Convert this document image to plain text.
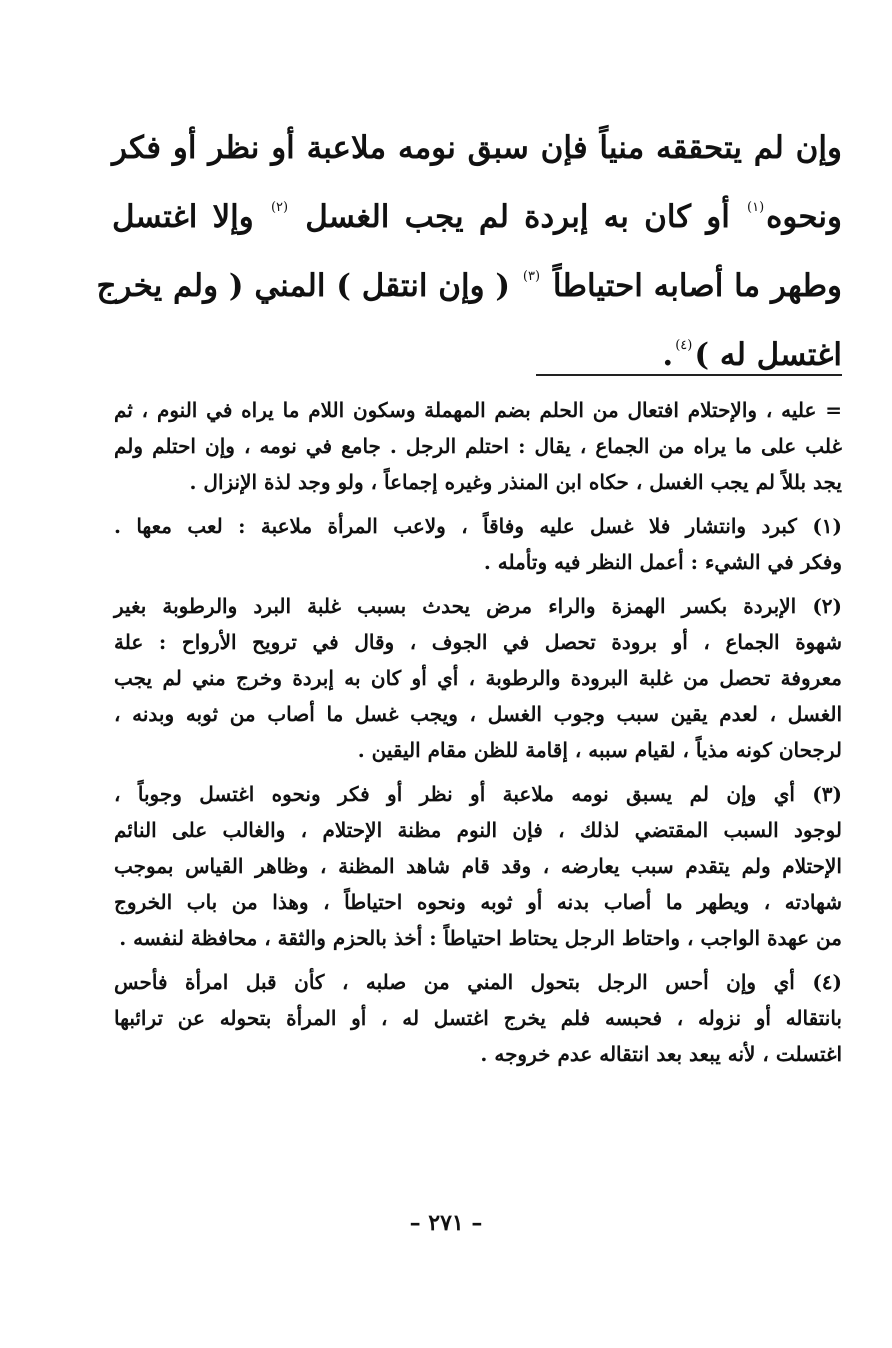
وإن لم يتحققه منياً فإن سبق نومه ملاعبة أو نظر أو فكر
ونحوه$^{(١)}$ أو كان به إبردة لم يجب الغسل $^{(٢)}$ وإلا اغتسل
وطهر ما أصابه احتياطاً $^{(٣)}$ ( وإن انتقل ) المني ( ولم يخرج
اغتسل له )$^{(٤)}$.
= عليه ، والإحتلام افتعال من الحلم بضم المهملة وسكون اللام ما يراه في النوم ، ثم
غلب على ما يراه من الجماع ، يقال : احتلم الرجل . جامع في نومه ، وإن احتلم ولم
يجد بللاً لم يجب الغسل ، حكاه ابن المنذر وغيره إجماعاً ، ولو وجد لذة الإنزال .
(١) كبرد وانتشار فلا غسل عليه وفاقاً ، ولاعب المرأة ملاعبة : لعب معها .
وفكر في الشيء : أعمل النظر فيه وتأمله .
(٢) الإبردة بكسر الهمزة والراء مرض يحدث بسبب غلبة البرد والرطوبة بغير
شهوة الجماع ، أو برودة تحصل في الجوف ، وقال في ترويح الأرواح : علة
معروفة تحصل من غلبة البرودة والرطوبة ، أي أو كان به إبردة وخرج مني لم يجب
الغسل ، لعدم يقين سبب وجوب الغسل ، ويجب غسل ما أصاب من ثوبه وبدنه ،
لرجحان كونه مذياً ، لقيام سببه ، إقامة للظن مقام اليقين .
(٣) أي وإن لم يسبق نومه ملاعبة أو نظر أو فكر ونحوه اغتسل وجوباً ،
لوجود السبب المقتضي لذلك ، فإن النوم مظنة الإحتلام ، والغالب على النائم
الإحتلام ولم يتقدم سبب يعارضه ، وقد قام شاهد المظنة ، وظاهر القياس بموجب
شهادته ، ويطهر ما أصاب بدنه أو ثوبه ونحوه احتياطاً ، وهذا من باب الخروج
من عهدة الواجب ، واحتاط الرجل يحتاط احتياطاً : أخذ بالحزم والثقة ، محافظة لنفسه .
(٤) أي وإن أحس الرجل بتحول المني من صلبه ، كأن قبل امرأة فأحس
بانتقاله أو نزوله ، فحبسه فلم يخرج اغتسل له ، أو المرأة بتحوله عن ترائبها
اغتسلت ، لأنه يبعد بعد انتقاله عدم خروجه .
– ٢٧١ –
